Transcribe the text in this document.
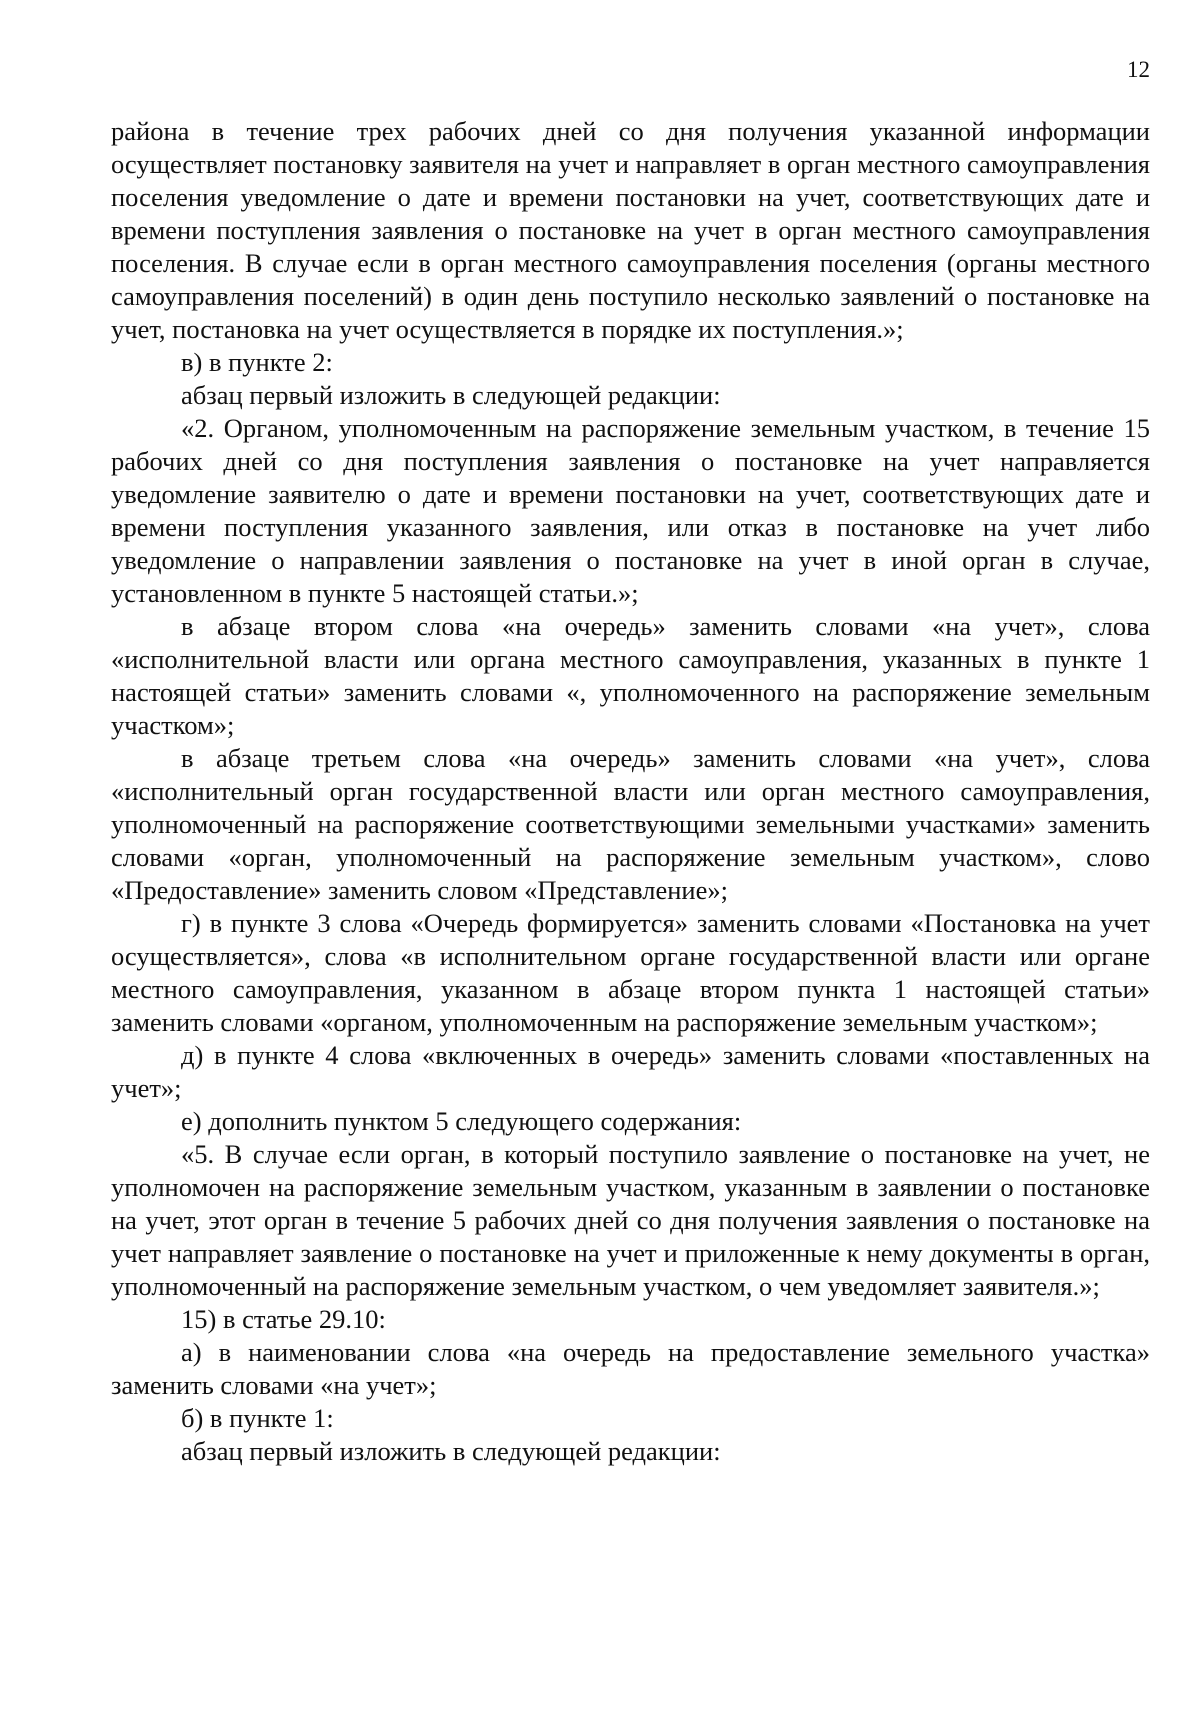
12

района в течение трех рабочих дней со дня получения указанной информации осуществляет постановку заявителя на учет и направляет в орган местного самоуправления поселения уведомление о дате и времени постановки на учет, соответствующих дате и времени поступления заявления о постановке на учет в орган местного самоуправления поселения. В случае если в орган местного самоуправления поселения (органы местного самоуправления поселений) в один день поступило несколько заявлений о постановке на учет, постановка на учет осуществляется в порядке их поступления.»;

в) в пункте 2:

абзац первый изложить в следующей редакции:

«2. Органом, уполномоченным на распоряжение земельным участком, в течение 15 рабочих дней со дня поступления заявления о постановке на учет направляется уведомление заявителю о дате и времени постановки на учет, соответствующих дате и времени поступления указанного заявления, или отказ в постановке на учет либо уведомление о направлении заявления о постановке на учет в иной орган в случае, установленном в пункте 5 настоящей статьи.»;

в абзаце втором слова «на очередь» заменить словами «на учет», слова «исполнительной власти или органа местного самоуправления, указанных в пункте 1 настоящей статьи» заменить словами «, уполномоченного на распоряжение земельным участком»;

в абзаце третьем слова «на очередь» заменить словами «на учет», слова «исполнительный орган государственной власти или орган местного самоуправления, уполномоченный на распоряжение соответствующими земельными участками» заменить словами «орган, уполномоченный на распоряжение земельным участком», слово «Предоставление» заменить словом «Представление»;

г) в пункте 3 слова «Очередь формируется» заменить словами «Постановка на учет осуществляется», слова «в исполнительном органе государственной власти или органе местного самоуправления, указанном в абзаце втором пункта 1 настоящей статьи» заменить словами «органом, уполномоченным на распоряжение земельным участком»;

д) в пункте 4 слова «включенных в очередь» заменить словами «поставленных на учет»;

е) дополнить пунктом 5 следующего содержания:

«5. В случае если орган, в который поступило заявление о постановке на учет, не уполномочен на распоряжение земельным участком, указанным в заявлении о постановке на учет, этот орган в течение 5 рабочих дней со дня получения заявления о постановке на учет направляет заявление о постановке на учет и приложенные к нему документы в орган, уполномоченный на распоряжение земельным участком, о чем уведомляет заявителя.»;

15) в статье 29.10:

а) в наименовании слова «на очередь на предоставление земельного участка» заменить словами «на учет»;

б) в пункте 1:

абзац первый изложить в следующей редакции:
